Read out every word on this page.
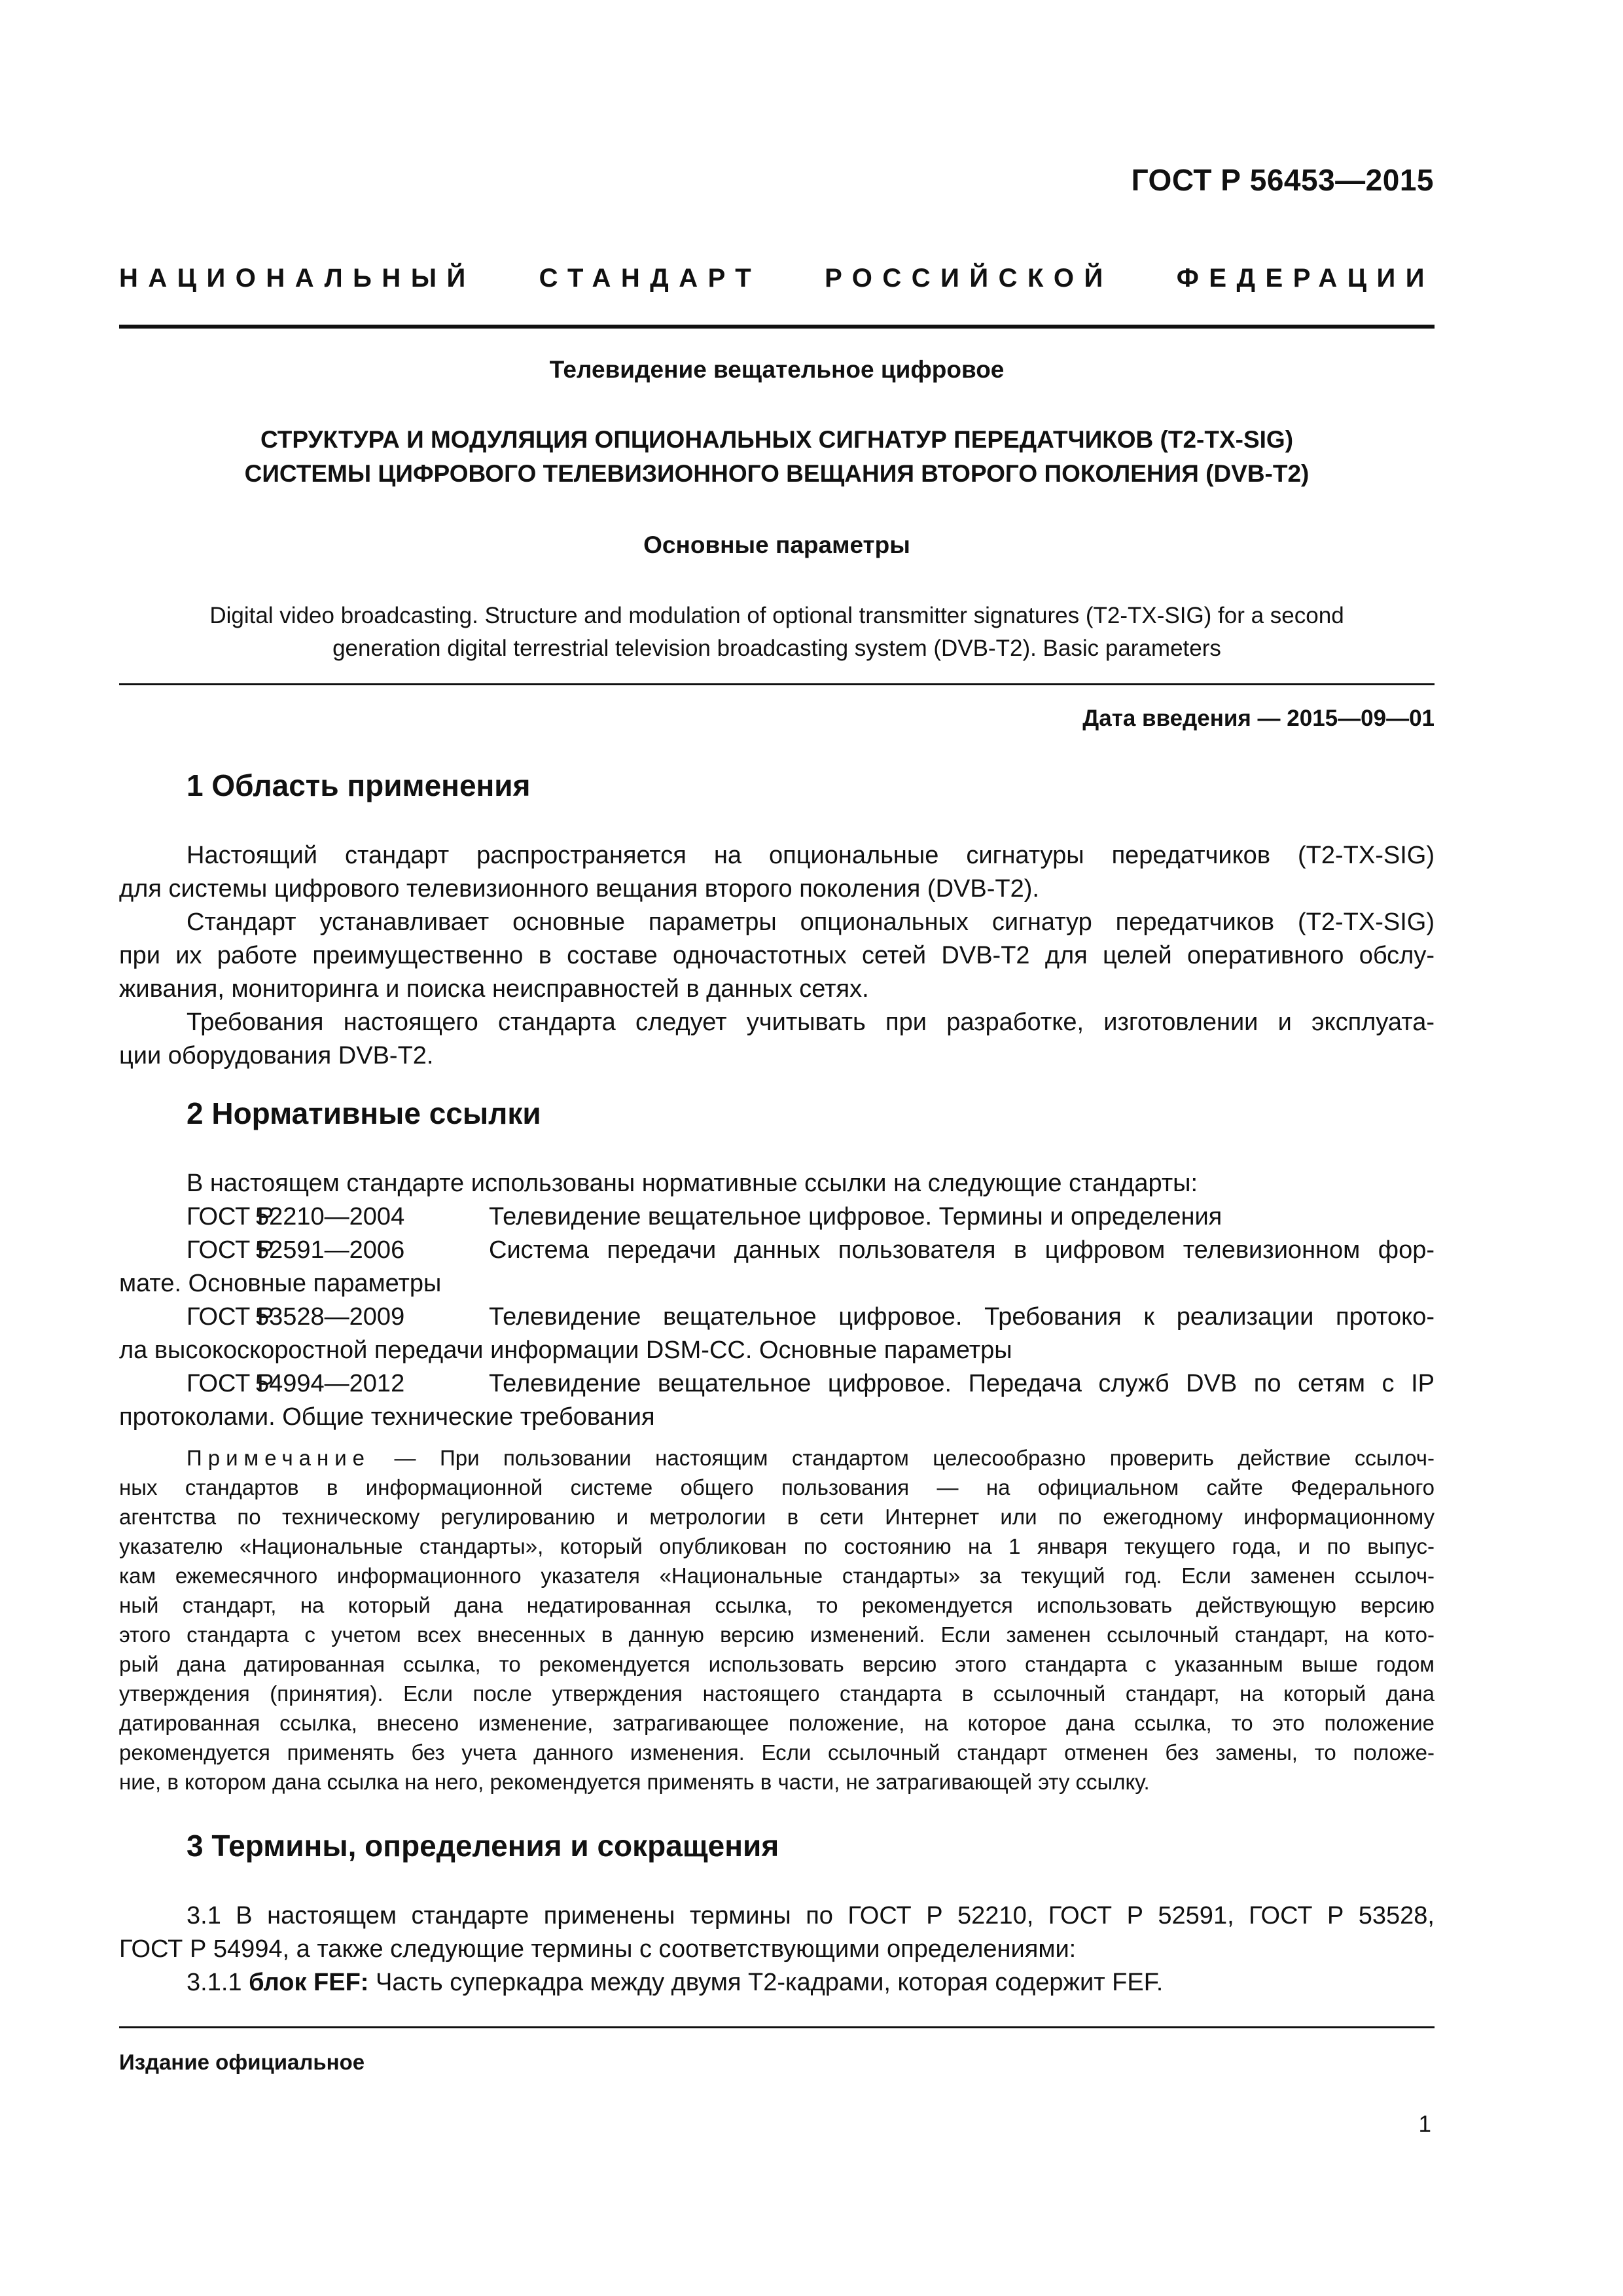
ГОСТ Р 56453—2015
НАЦИОНАЛЬНЫЙ СТАНДАРТ РОССИЙСКОЙ ФЕДЕРАЦИИ
Телевидение вещательное цифровое
СТРУКТУРА И МОДУЛЯЦИЯ ОПЦИОНАЛЬНЫХ СИГНАТУР ПЕРЕДАТЧИКОВ (Т2-ТХ-SIG)
СИСТЕМЫ ЦИФРОВОГО ТЕЛЕВИЗИОННОГО ВЕЩАНИЯ ВТОРОГО ПОКОЛЕНИЯ (DVB-T2)
Основные параметры
Digital video broadcasting. Structure and modulation of optional transmitter signatures (T2-TX-SIG) for a second
generation digital terrestrial television broadcasting system (DVB-T2). Basic parameters
Дата введения — 2015—09—01
1 Область применения
Настоящий стандарт распространяется на опциональные сигнатуры передатчиков (Т2-ТХ-SIG)
для системы цифрового телевизионного вещания второго поколения (DVB-T2).
Стандарт устанавливает основные параметры опциональных сигнатур передатчиков (Т2-ТХ-SIG)
при их работе преимущественно в составе одночастотных сетей DVB-T2 для целей оперативного обслу-
живания, мониторинга и поиска неисправностей в данных сетях.
Требования настоящего стандарта следует учитывать при разработке, изготовлении и эксплуата-
ции оборудования DVB-T2.
2 Нормативные ссылки
В настоящем стандарте использованы нормативные ссылки на следующие стандарты:
ГОСТ Р52210—2004	Телевидение вещательное цифровое. Термины и определения
ГОСТ Р52591—2006	Система передачи данных пользователя в цифровом телевизионном фор-
мате. Основные параметры
ГОСТ Р53528—2009	Телевидение вещательное цифровое. Требования к реализации протоко-
ла высокоскоростной передачи информации DSM-CC. Основные параметры
ГОСТ Р54994—2012	Телевидение вещательное цифровое. Передача служб DVB по сетям с IP
протоколами. Общие технические требования
Примечание — При пользовании настоящим стандартом целесообразно проверить действие ссылоч-
ных стандартов в информационной системе общего пользования — на официальном сайте Федерального
агентства по техническому регулированию и метрологии в сети Интернет или по ежегодному информационному
указателю «Национальные стандарты», который опубликован по состоянию на 1 января текущего года, и по выпус-
кам ежемесячного информационного указателя «Национальные стандарты» за текущий год. Если заменен ссылоч-
ный стандарт, на который дана недатированная ссылка, то рекомендуется использовать действующую версию
этого стандарта с учетом всех внесенных в данную версию изменений. Если заменен ссылочный стандарт, на кото-
рый дана датированная ссылка, то рекомендуется использовать версию этого стандарта с указанным выше годом
утверждения (принятия). Если после утверждения настоящего стандарта в ссылочный стандарт, на который дана
датированная ссылка, внесено изменение, затрагивающее положение, на которое дана ссылка, то это положение
рекомендуется применять без учета данного изменения. Если ссылочный стандарт отменен без замены, то положе-
ние, в котором дана ссылка на него, рекомендуется применять в части, не затрагивающей эту ссылку.
3 Термины, определения и сокращения
3.1 В настоящем стандарте применены термины по ГОСТ Р 52210, ГОСТ Р 52591, ГОСТ Р 53528,
ГОСТ Р 54994, а также следующие термины с соответствующими определениями:
3.1.1 блок FEF: Часть суперкадра между двумя Т2-кадрами, которая содержит FEF.
Издание официальное
1
